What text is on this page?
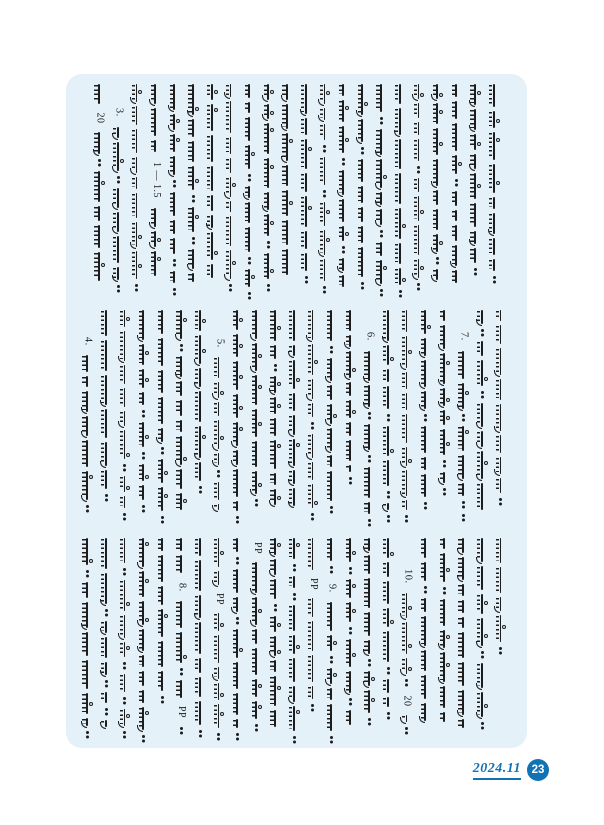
20 3.
1 — 1.5
4.	5.
6.	7.
8.
PP
PP
PP
PP 9.
10.
20
2024.11 23
